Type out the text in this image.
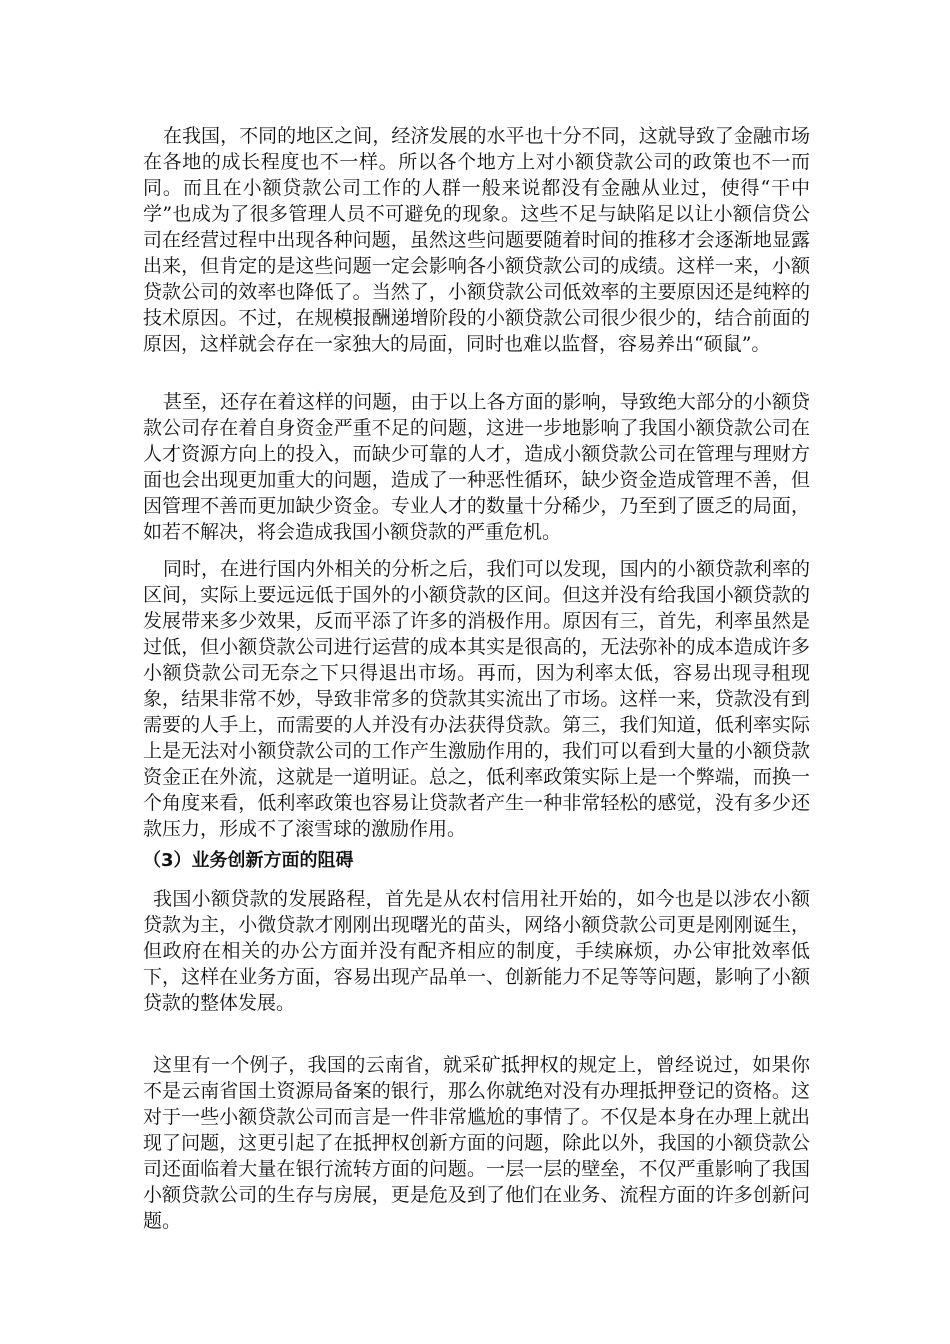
在我国，不同的地区之间，经济发展的水平也十分不同，这就导致了金融市场在各地的成长程度也不一样。所以各个地方上对小额贷款公司的政策也不一而同。而且在小额贷款公司工作的人群一般来说都没有金融从业过，使得“干中学”也成为了很多管理人员不可避免的现象。这些不足与缺陷足以让小额信贷公司在经营过程中出现各种问题，虽然这些问题要随着时间的推移才会逐渐地显露出来，但肯定的是这些问题一定会影响各小额贷款公司的成绩。这样一来，小额贷款公司的效率也降低了。当然了，小额贷款公司低效率的主要原因还是纯粹的技术原因。不过，在规模报酬递增阶段的小额贷款公司很少很少的，结合前面的原因，这样就会存在一家独大的局面，同时也难以监督，容易养出“硕鼠”。

甚至，还存在着这样的问题，由于以上各方面的影响，导致绝大部分的小额贷款公司存在着自身资金严重不足的问题，这进一步地影响了我国小额贷款公司在人才资源方向上的投入，而缺少可靠的人才，造成小额贷款公司在管理与理财方面也会出现更加重大的问题，造成了一种恶性循环，缺少资金造成管理不善，但因管理不善而更加缺少资金。专业人才的数量十分稀少，乃至到了匮乏的局面，如若不解决，将会造成我国小额贷款的严重危机。

同时，在进行国内外相关的分析之后，我们可以发现，国内的小额贷款利率的区间，实际上要远远低于国外的小额贷款的区间。但这并没有给我国小额贷款的发展带来多少效果，反而平添了许多的消极作用。原因有三，首先，利率虽然是过低，但小额贷款公司进行运营的成本其实是很高的，无法弥补的成本造成许多小额贷款公司无奈之下只得退出市场。再而，因为利率太低，容易出现寻租现象，结果非常不妙，导致非常多的贷款其实流出了市场。这样一来，贷款没有到需要的人手上，而需要的人并没有办法获得贷款。第三，我们知道，低利率实际上是无法对小额贷款公司的工作产生激励作用的，我们可以看到大量的小额贷款资金正在外流，这就是一道明证。总之，低利率政策实际上是一个弊端，而换一个角度来看，低利率政策也容易让贷款者产生一种非常轻松的感觉，没有多少还款压力，形成不了滚雪球的激励作用。

（3）业务创新方面的阻碍

我国小额贷款的发展路程，首先是从农村信用社开始的，如今也是以涉农小额贷款为主，小微贷款才刚刚出现曙光的苗头，网络小额贷款公司更是刚刚诞生，但政府在相关的办公方面并没有配齐相应的制度，手续麻烦，办公审批效率低下，这样在业务方面，容易出现产品单一、创新能力不足等等问题，影响了小额贷款的整体发展。

这里有一个例子，我国的云南省，就采矿抵押权的规定上，曾经说过，如果你不是云南省国土资源局备案的银行，那么你就绝对没有办理抵押登记的资格。这对于一些小额贷款公司而言是一件非常尴尬的事情了。不仅是本身在办理上就出现了问题，这更引起了在抵押权创新方面的问题，除此以外，我国的小额贷款公司还面临着大量在银行流转方面的问题。一层一层的壁垒，不仅严重影响了我国小额贷款公司的生存与房展，更是危及到了他们在业务、流程方面的许多创新问题。
